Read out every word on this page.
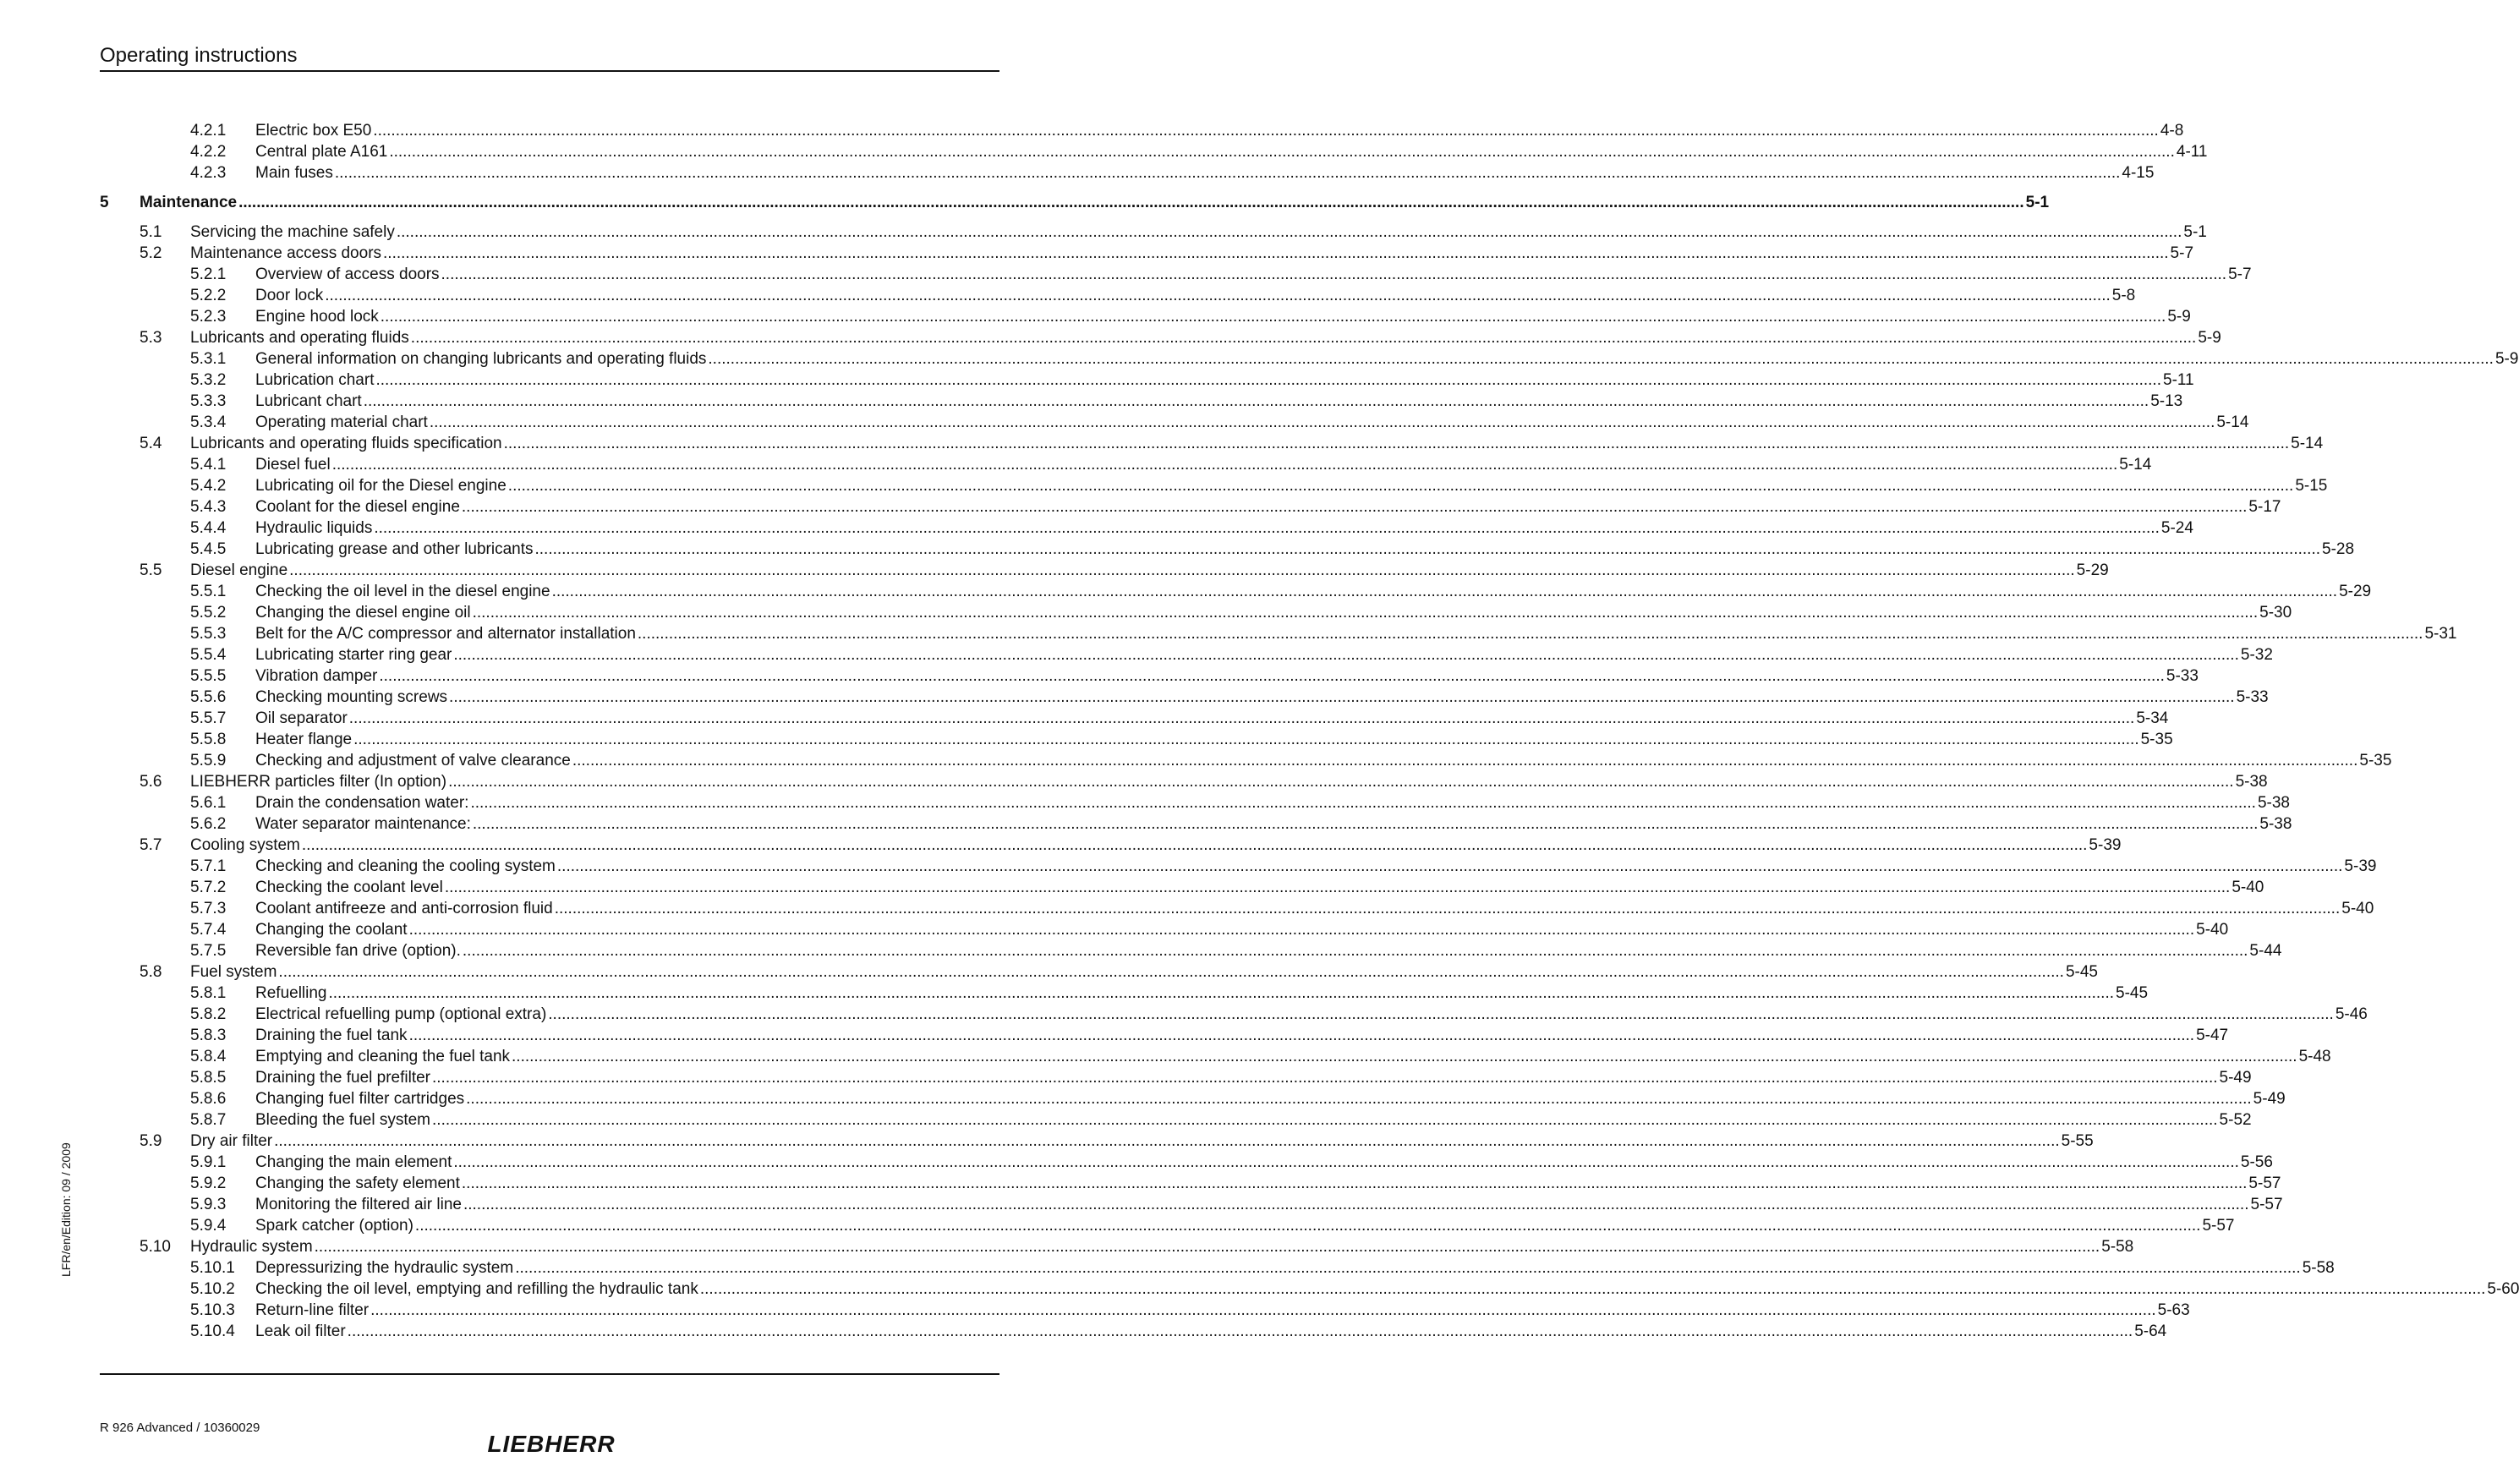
Operating instructions
4.2.1 Electric box E50 ................................................................................................................................................................................................................................................................................................................................................................................................................ 4-8
4.2.2 Central plate A161 ................................................................................................................................................................................................................................................................................................................................................................................................................ 4-11
4.2.3 Main fuses ................................................................................................................................................................................................................................................................................................................................................................................................................ 4-15
5 Maintenance ................................................................................................................................................................................................................................................................................................................................................................................................................ 5-1
5.1 Servicing the machine safely ................................................................................................................................................................................................................................................................................................................................................................................................................ 5-1
5.2 Maintenance access doors ................................................................................................................................................................................................................................................................................................................................................................................................................ 5-7
5.2.1 Overview of access doors ................................................................................................................................................................................................................................................................................................................................................................................................................ 5-7
5.2.2 Door lock ................................................................................................................................................................................................................................................................................................................................................................................................................ 5-8
5.2.3 Engine hood lock ................................................................................................................................................................................................................................................................................................................................................................................................................ 5-9
5.3 Lubricants and operating fluids ................................................................................................................................................................................................................................................................................................................................................................................................................ 5-9
5.3.1 General information on changing lubricants and operating fluids ................................................................................................................................................................................................................................................................................................................................................................................................................ 5-9
5.3.2 Lubrication chart ................................................................................................................................................................................................................................................................................................................................................................................................................ 5-11
5.3.3 Lubricant chart ................................................................................................................................................................................................................................................................................................................................................................................................................ 5-13
5.3.4 Operating material chart ................................................................................................................................................................................................................................................................................................................................................................................................................ 5-14
5.4 Lubricants and operating fluids specification ................................................................................................................................................................................................................................................................................................................................................................................................................ 5-14
5.4.1 Diesel fuel ................................................................................................................................................................................................................................................................................................................................................................................................................ 5-14
5.4.2 Lubricating oil for the Diesel engine ................................................................................................................................................................................................................................................................................................................................................................................................................ 5-15
5.4.3 Coolant for the diesel engine ................................................................................................................................................................................................................................................................................................................................................................................................................ 5-17
5.4.4 Hydraulic liquids ................................................................................................................................................................................................................................................................................................................................................................................................................ 5-24
5.4.5 Lubricating grease and other lubricants ................................................................................................................................................................................................................................................................................................................................................................................................................ 5-28
5.5 Diesel engine ................................................................................................................................................................................................................................................................................................................................................................................................................ 5-29
5.5.1 Checking the oil level in the diesel engine ................................................................................................................................................................................................................................................................................................................................................................................................................ 5-29
5.5.2 Changing the diesel engine oil ................................................................................................................................................................................................................................................................................................................................................................................................................ 5-30
5.5.3 Belt for the A/C compressor and alternator installation ................................................................................................................................................................................................................................................................................................................................................................................................................ 5-31
5.5.4 Lubricating starter ring gear ................................................................................................................................................................................................................................................................................................................................................................................................................ 5-32
5.5.5 Vibration damper ................................................................................................................................................................................................................................................................................................................................................................................................................ 5-33
5.5.6 Checking mounting screws ................................................................................................................................................................................................................................................................................................................................................................................................................ 5-33
5.5.7 Oil separator ................................................................................................................................................................................................................................................................................................................................................................................................................ 5-34
5.5.8 Heater flange ................................................................................................................................................................................................................................................................................................................................................................................................................ 5-35
5.5.9 Checking and adjustment of valve clearance ................................................................................................................................................................................................................................................................................................................................................................................................................ 5-35
5.6 LIEBHERR particles filter (In option) ................................................................................................................................................................................................................................................................................................................................................................................................................ 5-38
5.6.1 Drain the condensation water: ................................................................................................................................................................................................................................................................................................................................................................................................................ 5-38
5.6.2 Water separator maintenance: ................................................................................................................................................................................................................................................................................................................................................................................................................ 5-38
5.7 Cooling system ................................................................................................................................................................................................................................................................................................................................................................................................................ 5-39
5.7.1 Checking and cleaning the cooling system ................................................................................................................................................................................................................................................................................................................................................................................................................ 5-39
5.7.2 Checking the coolant level ................................................................................................................................................................................................................................................................................................................................................................................................................ 5-40
5.7.3 Coolant antifreeze and anti-corrosion fluid ................................................................................................................................................................................................................................................................................................................................................................................................................ 5-40
5.7.4 Changing the coolant ................................................................................................................................................................................................................................................................................................................................................................................................................ 5-40
5.7.5 Reversible fan drive (option). ................................................................................................................................................................................................................................................................................................................................................................................................................ 5-44
5.8 Fuel system ................................................................................................................................................................................................................................................................................................................................................................................................................ 5-45
5.8.1 Refuelling ................................................................................................................................................................................................................................................................................................................................................................................................................ 5-45
5.8.2 Electrical refuelling pump (optional extra) ................................................................................................................................................................................................................................................................................................................................................................................................................ 5-46
5.8.3 Draining the fuel tank ................................................................................................................................................................................................................................................................................................................................................................................................................ 5-47
5.8.4 Emptying and cleaning the fuel tank ................................................................................................................................................................................................................................................................................................................................................................................................................ 5-48
5.8.5 Draining the fuel prefilter ................................................................................................................................................................................................................................................................................................................................................................................................................ 5-49
5.8.6 Changing fuel filter cartridges ................................................................................................................................................................................................................................................................................................................................................................................................................ 5-49
5.8.7 Bleeding the fuel system ................................................................................................................................................................................................................................................................................................................................................................................................................ 5-52
5.9 Dry air filter ................................................................................................................................................................................................................................................................................................................................................................................................................ 5-55
5.9.1 Changing the main element ................................................................................................................................................................................................................................................................................................................................................................................................................ 5-56
5.9.2 Changing the safety element ................................................................................................................................................................................................................................................................................................................................................................................................................ 5-57
5.9.3 Monitoring the filtered air line ................................................................................................................................................................................................................................................................................................................................................................................................................ 5-57
5.9.4 Spark catcher (option) ................................................................................................................................................................................................................................................................................................................................................................................................................ 5-57
5.10 Hydraulic system ................................................................................................................................................................................................................................................................................................................................................................................................................ 5-58
5.10.1 Depressurizing the hydraulic system ................................................................................................................................................................................................................................................................................................................................................................................................................ 5-58
5.10.2 Checking the oil level, emptying and refilling the hydraulic tank ................................................................................................................................................................................................................................................................................................................................................................................................................ 5-60
5.10.3 Return-line filter ................................................................................................................................................................................................................................................................................................................................................................................................................ 5-63
5.10.4 Leak oil filter ................................................................................................................................................................................................................................................................................................................................................................................................................ 5-64
LFR/en/Edition: 09 / 2009
R 926 Advanced / 10360029
LIEBHERR
